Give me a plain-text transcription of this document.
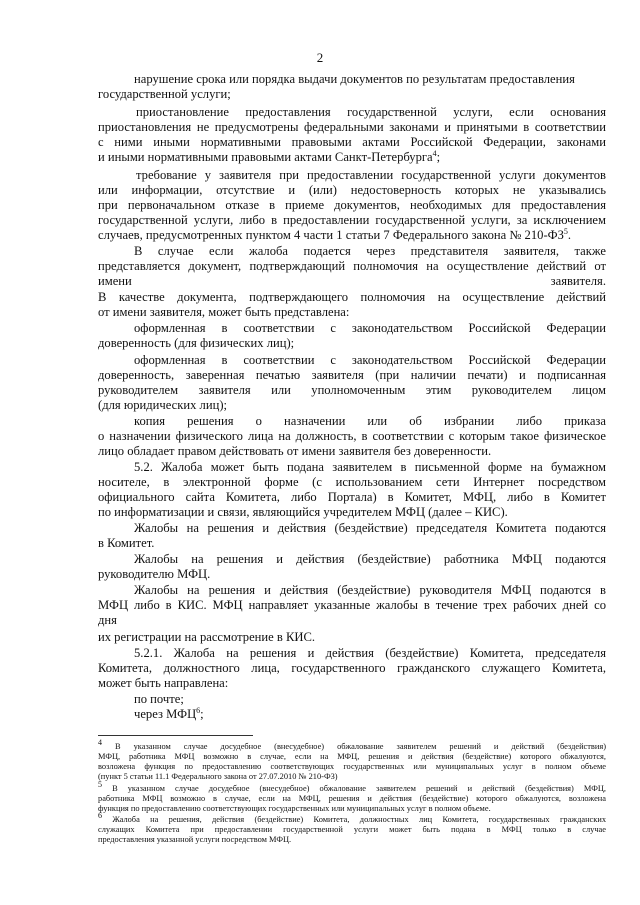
2
нарушение срока или порядка выдачи документов по результатам предоставления
государственной услуги;
приостановление предоставления государственной услуги, если основания
приостановления не предусмотрены федеральными законами и принятыми в соответствии
с ними иными нормативными правовыми актами Российской Федерации, законами
и иными нормативными правовыми актами Санкт-Петербурга$^4$;
требование у заявителя при предоставлении государственной услуги документов
или информации, отсутствие и (или) недостоверность которых не указывались
при первоначальном отказе в приеме документов, необходимых для предоставления
государственной услуги, либо в предоставлении государственной услуги, за исключением
случаев, предусмотренных пунктом 4 части 1 статьи 7 Федерального закона № $210-ФЗ^5$.
В случае если жалоба подается через представителя заявителя, также
представляется документ, подтверждающий полномочия на осуществление действий от
имени	заявителя.
В качестве документа, подтверждающего полномочия на осуществление действий
от имени заявителя, может быть представлена:
оформленная в соответствии с законодательством Российской Федерации
доверенность (для физических лиц);
оформленная в соответствии с законодательством Российской Федерации
доверенность, заверенная печатью заявителя (при наличии печати) и подписанная
руководителем заявителя или уполномоченным этим руководителем лицом
(для юридических лиц);
копия решения о назначении или об избрании либо приказа
о назначении физического лица на должность, в соответствии с которым такое физическое
лицо обладает правом действовать от имени заявителя без доверенности.
5.2. Жалоба может быть подана заявителем в письменной форме на бумажном
носителе, в электронной форме (с использованием сети Интернет посредством
официального сайта Комитета, либо Портала) в Комитет, МФЦ, либо в Комитет
по информатизации и связи, являющийся учредителем МФЦ (далее – КИС).
Жалобы на решения и действия (бездействие) председателя Комитета подаются
в Комитет.
Жалобы на решения и действия (бездействие) работника МФЦ подаются
руководителю МФЦ.
Жалобы на решения и действия (бездействие) руководителя МФЦ подаются в
МФЦ либо в КИС. МФЦ направляет указанные жалобы в течение трех рабочих дней со
дня
их регистрации на рассмотрение в КИС.
5.2.1. Жалоба на решения и действия (бездействие) Комитета, председателя
Комитета, должностного лица, государственного гражданского служащего Комитета,
может быть направлена:
по почте;
через МФЦ$^6$;
$^4$ В указанном случае досудебное (внесудебное) обжалование заявителем решений и действий (бездействия)
МФЦ, работника МФЦ возможно в случае, если на МФЦ, решения и действия (бездействие) которого обжалуются,
возложена функция по предоставлению соответствующих государственных или муниципальных услуг в полном объеме
(пункт 5 статьи 11.1 Федерального закона от 27.07.2010 № 210-ФЗ)
$^5$ В указанном случае досудебное (внесудебное) обжалование заявителем решений и действий (бездействия) МФЦ,
работника МФЦ возможно в случае, если на МФЦ, решения и действия (бездействие) которого обжалуются, возложена
функция по предоставлению соответствующих государственных или муниципальных услуг в полном объеме.
$^6$ Жалоба на решения, действия (бездействие) Комитета, должностных лиц Комитета, государственных гражданских
служащих Комитета при предоставлении государственной услуги может быть подана в МФЦ только в случае
предоставления указанной услуги посредством МФЦ.
